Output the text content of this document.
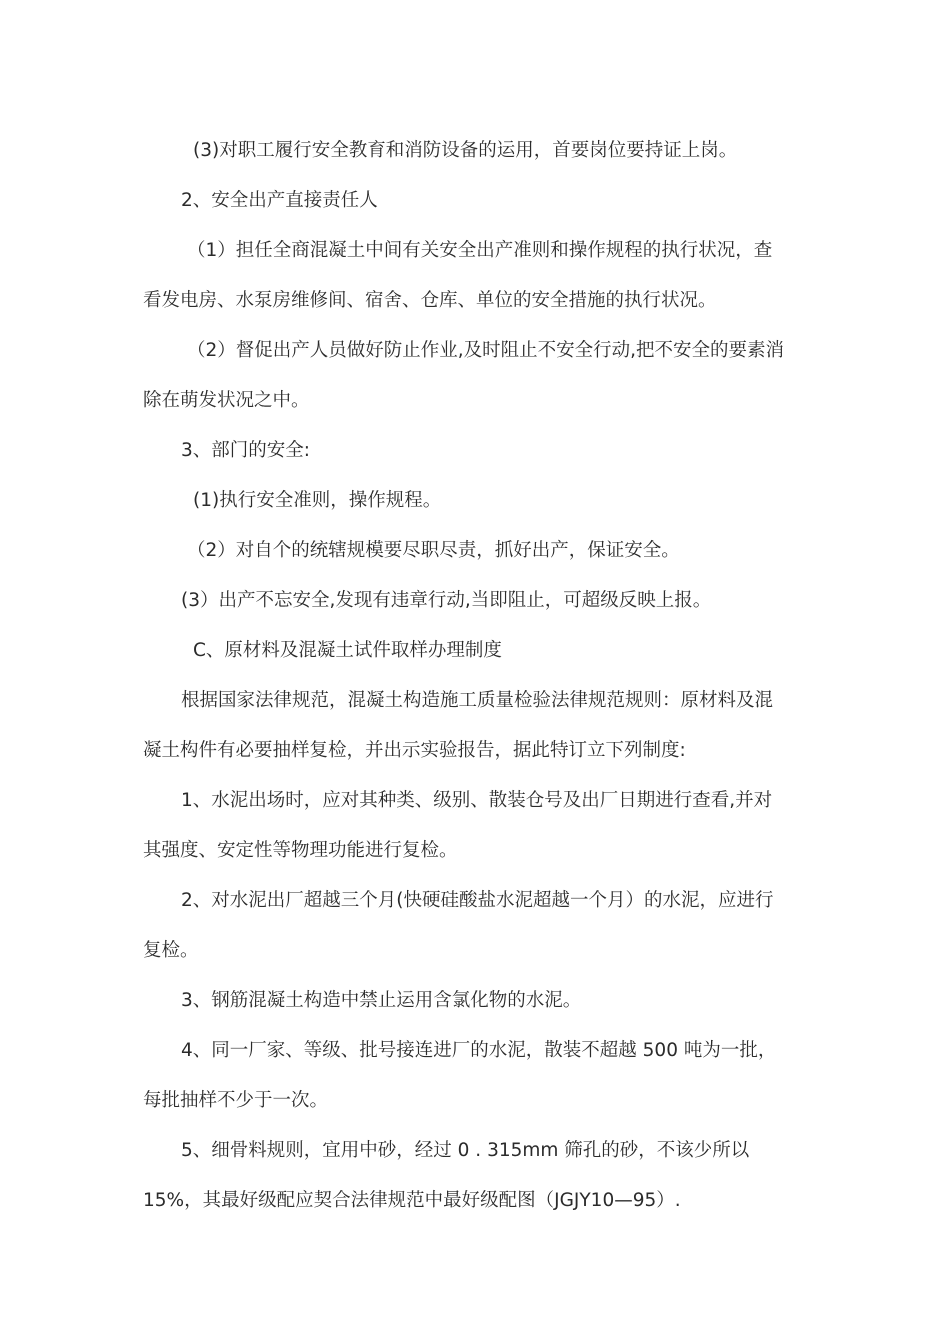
(3)对职工履行安全教育和消防设备的运用，首要岗位要持证上岗。
2、安全出产直接责任人
（1）担任全商混凝土中间有关安全出产准则和操作规程的执行状况，查
看发电房、水泵房维修间、宿舍、仓库、单位的安全措施的执行状况。
（2）督促出产人员做好防止作业,及时阻止不安全行动,把不安全的要素消
除在萌发状况之中。
3、部门的安全:
(1)执行安全准则，操作规程。
（2）对自个的统辖规模要尽职尽责，抓好出产，保证安全。
(3）出产不忘安全,发现有违章行动,当即阻止，可超级反映上报。
C、原材料及混凝土试件取样办理制度
根据国家法律规范，混凝土构造施工质量检验法律规范规则：原材料及混
凝土构件有必要抽样复检，并出示实验报告，据此特订立下列制度:
1、水泥出场时，应对其种类、级别、散装仓号及出厂日期进行查看,并对
其强度、安定性等物理功能进行复检。
2、对水泥出厂超越三个月(快硬硅酸盐水泥超越一个月）的水泥，应进行
复检。
3、钢筋混凝土构造中禁止运用含氯化物的水泥。
4、同一厂家、等级、批号接连进厂的水泥，散装不超越 500 吨为一批，
每批抽样不少于一次。
5、细骨料规则，宜用中砂，经过 0 . 315mm 筛孔的砂，不该少所以
15%，其最好级配应契合法律规范中最好级配图（JGJY10—95）.
